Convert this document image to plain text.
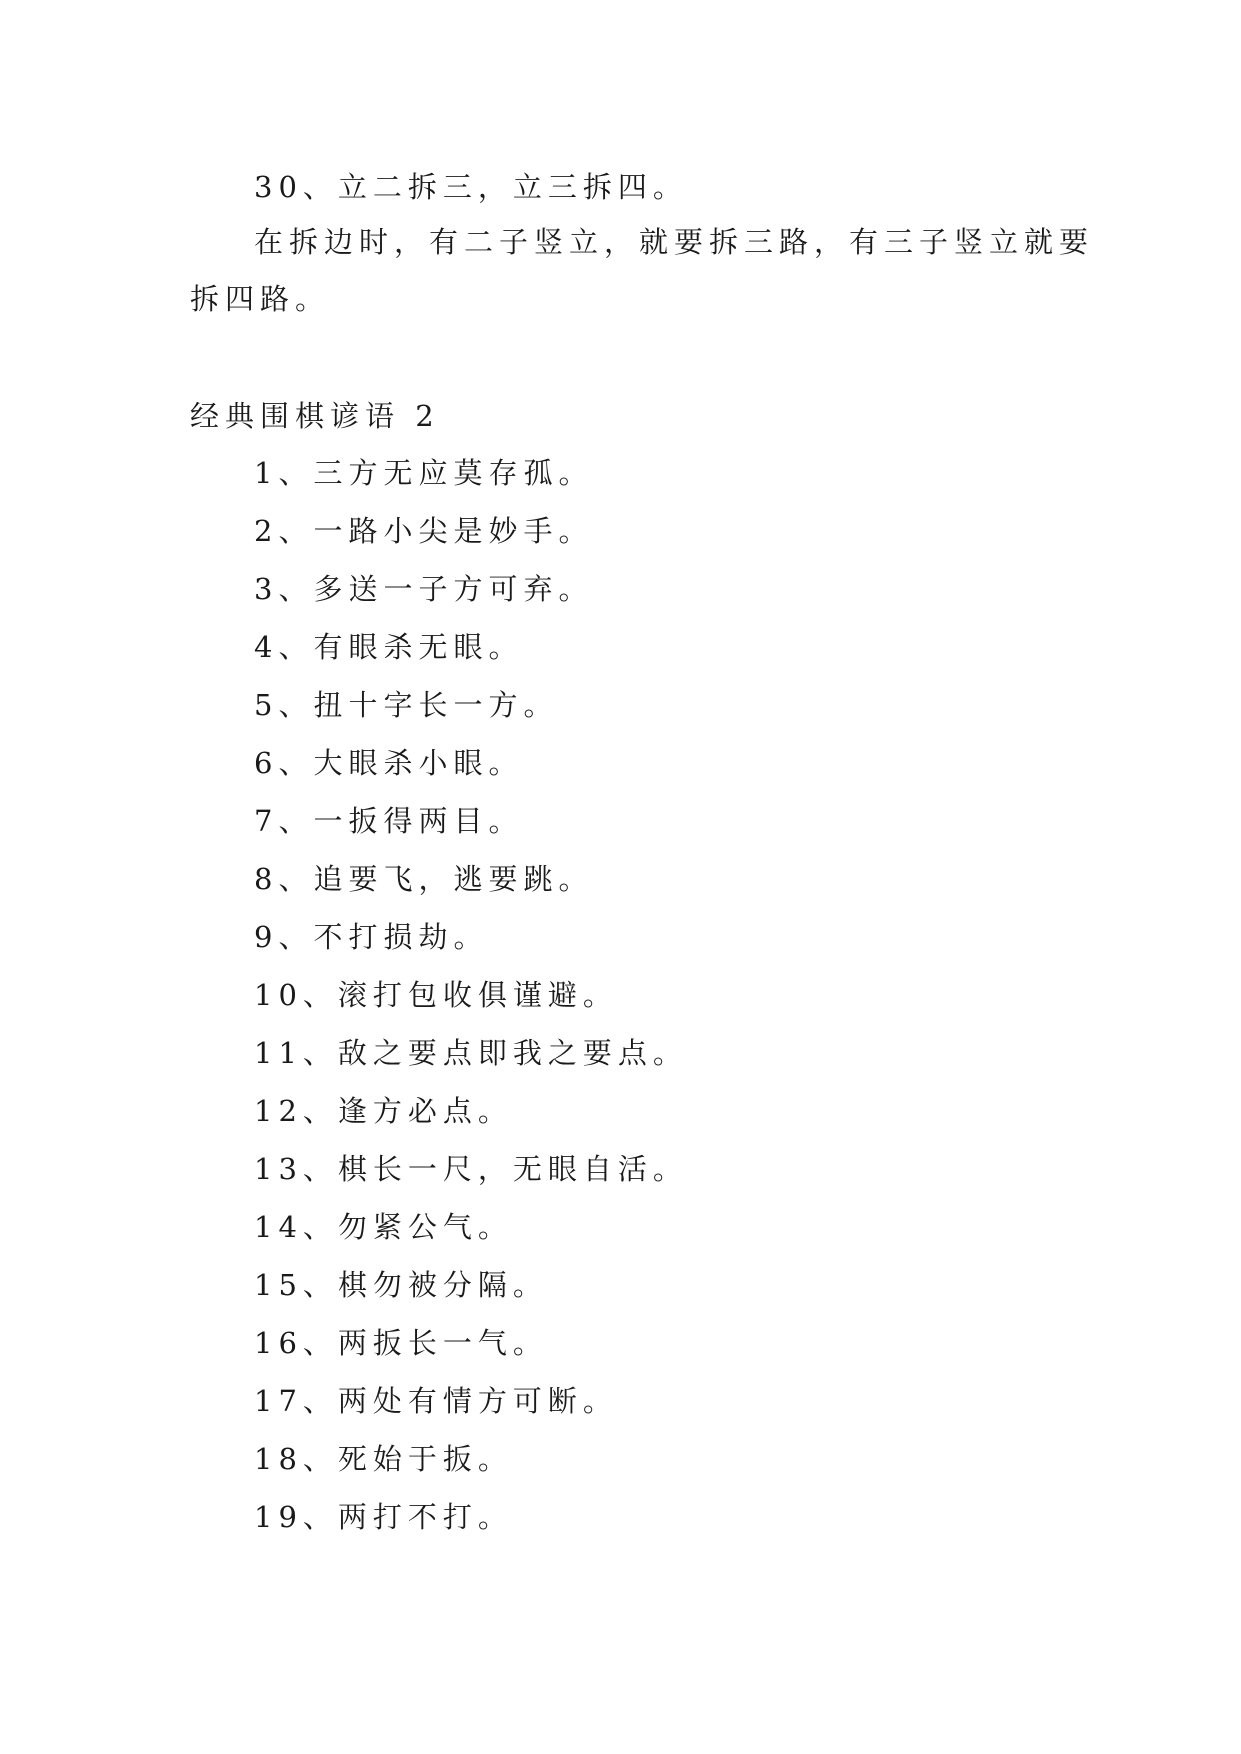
30、立二拆三，立三拆四。
在拆边时，有二子竖立，就要拆三路，有三子竖立就要
拆四路。
经典围棋谚语 2
1、三方无应莫存孤。
2、一路小尖是妙手。
3、多送一子方可弃。
4、有眼杀无眼。
5、扭十字长一方。
6、大眼杀小眼。
7、一扳得两目。
8、追要飞，逃要跳。
9、不打损劫。
10、滚打包收俱谨避。
11、敌之要点即我之要点。
12、逢方必点。
13、棋长一尺，无眼自活。
14、勿紧公气。
15、棋勿被分隔。
16、两扳长一气。
17、两处有情方可断。
18、死始于扳。
19、两打不打。
